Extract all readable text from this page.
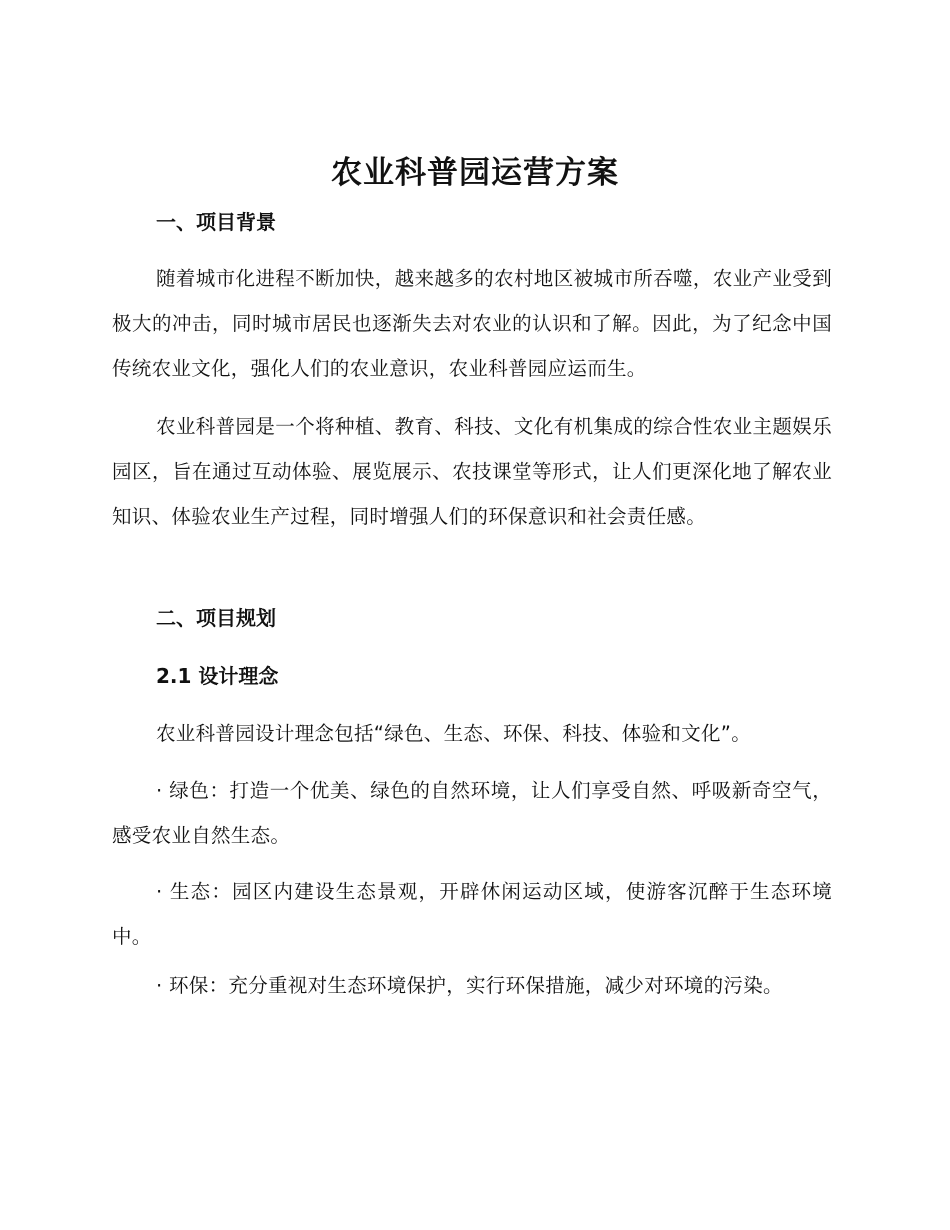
农业科普园运营方案
一、项目背景
随着城市化进程不断加快，越来越多的农村地区被城市所吞噬，农业产业受到极大的冲击，同时城市居民也逐渐失去对农业的认识和了解。因此，为了纪念中国传统农业文化，强化人们的农业意识，农业科普园应运而生。
农业科普园是一个将种植、教育、科技、文化有机集成的综合性农业主题娱乐园区，旨在通过互动体验、展览展示、农技课堂等形式，让人们更深化地了解农业知识、体验农业生产过程，同时增强人们的环保意识和社会责任感。
二、项目规划
2.1 设计理念
农业科普园设计理念包括“绿色、生态、环保、科技、体验和文化”。
· 绿色：打造一个优美、绿色的自然环境，让人们享受自然、呼吸新奇空气，感受农业自然生态。
· 生态：园区内建设生态景观，开辟休闲运动区域，使游客沉醉于生态环境中。
· 环保：充分重视对生态环境保护，实行环保措施，减少对环境的污染。
